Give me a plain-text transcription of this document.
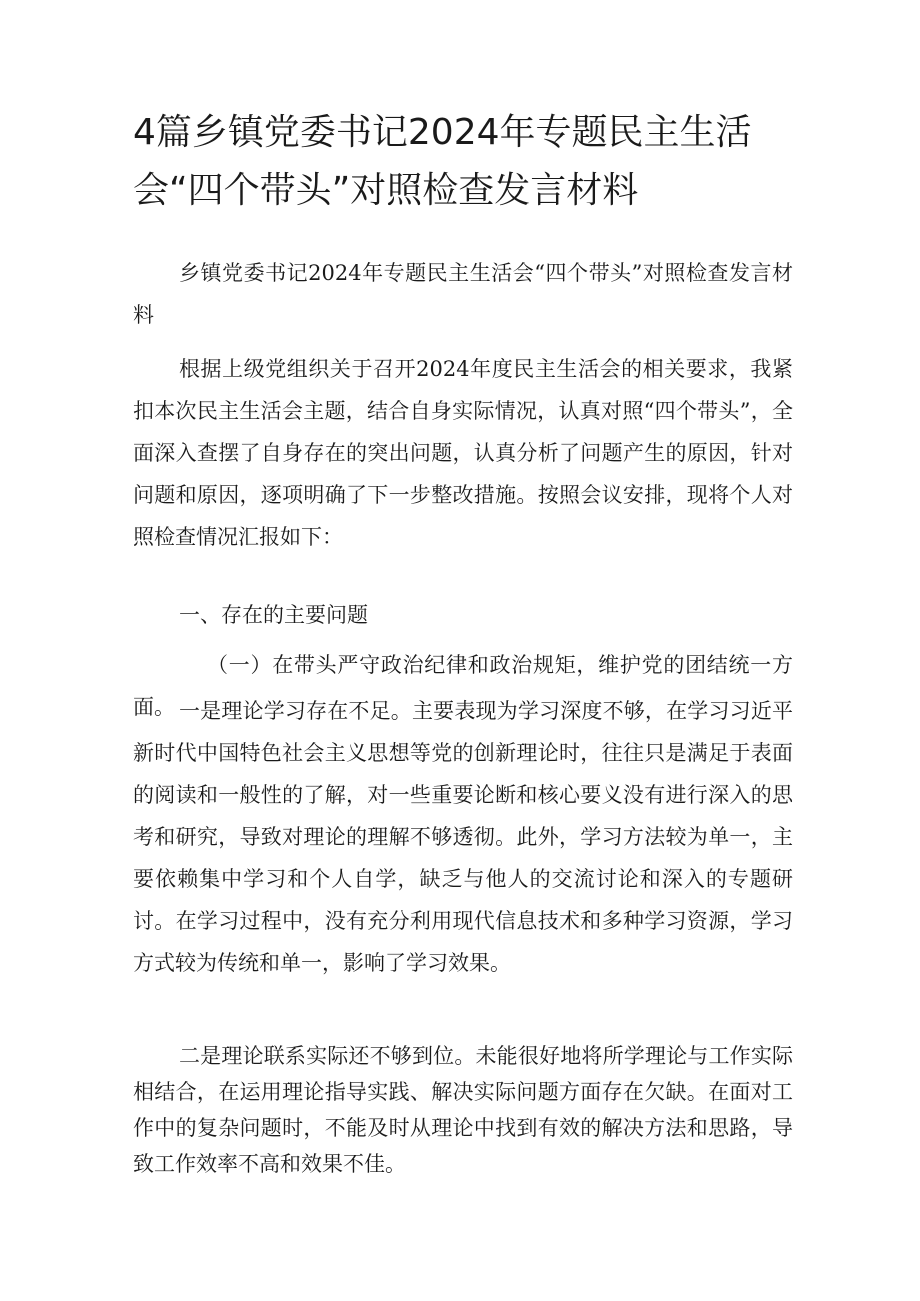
4篇乡镇党委书记2024年专题民主生活会“四个带头”对照检查发言材料

乡镇党委书记2024年专题民主生活会“四个带头”对照检查发言材料

根据上级党组织关于召开2024年度民主生活会的相关要求，我紧扣本次民主生活会主题，结合自身实际情况，认真对照“四个带头”，全面深入查摆了自身存在的突出问题，认真分析了问题产生的原因，针对问题和原因，逐项明确了下一步整改措施。按照会议安排，现将个人对照检查情况汇报如下：

一、存在的主要问题

（一）在带头严守政治纪律和政治规矩，维护党的团结统一方面。 一是理论学习存在不足。主要表现为学习深度不够，在学习习近平新时代中国特色社会主义思想等党的创新理论时，往往只是满足于表面的阅读和一般性的了解，对一些重要论断和核心要义没有进行深入的思考和研究，导致对理论的理解不够透彻。此外，学习方法较为单一，主要依赖集中学习和个人自学，缺乏与他人的交流讨论和深入的专题研讨。在学习过程中，没有充分利用现代信息技术和多种学习资源，学习方式较为传统和单一，影响了学习效果。

二是理论联系实际还不够到位。未能很好地将所学理论与工作实际相结合，在运用理论指导实践、解决实际问题方面存在欠缺。在面对工作中的复杂问题时，不能及时从理论中找到有效的解决方法和思路，导致工作效率不高和效果不佳。
